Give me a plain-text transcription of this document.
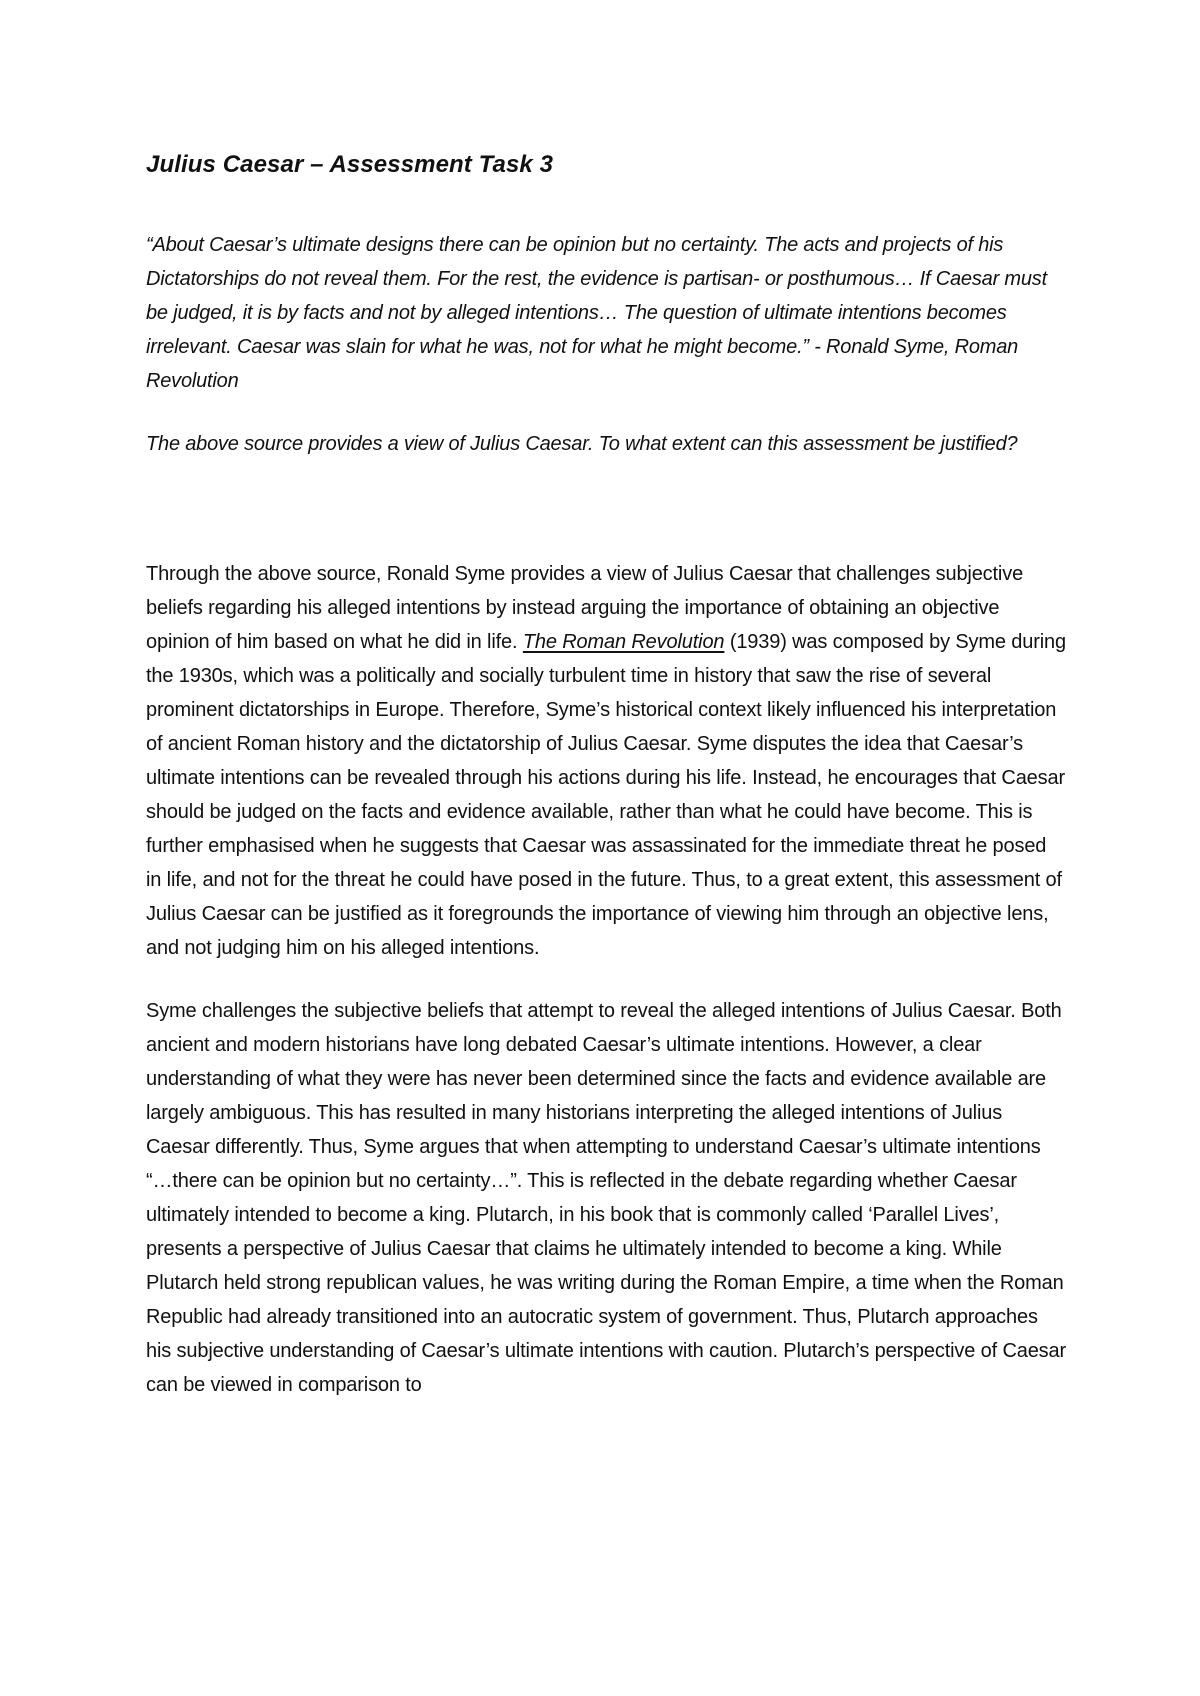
Julius Caesar – Assessment Task 3

“About Caesar’s ultimate designs there can be opinion but no certainty. The acts and projects of his Dictatorships do not reveal them. For the rest, the evidence is partisan- or posthumous… If Caesar must be judged, it is by facts and not by alleged intentions… The question of ultimate intentions becomes irrelevant. Caesar was slain for what he was, not for what he might become.” - Ronald Syme, Roman Revolution

The above source provides a view of Julius Caesar. To what extent can this assessment be justified?

Through the above source, Ronald Syme provides a view of Julius Caesar that challenges subjective beliefs regarding his alleged intentions by instead arguing the importance of obtaining an objective opinion of him based on what he did in life. The Roman Revolution (1939) was composed by Syme during the 1930s, which was a politically and socially turbulent time in history that saw the rise of several prominent dictatorships in Europe. Therefore, Syme’s historical context likely influenced his interpretation of ancient Roman history and the dictatorship of Julius Caesar. Syme disputes the idea that Caesar’s ultimate intentions can be revealed through his actions during his life. Instead, he encourages that Caesar should be judged on the facts and evidence available, rather than what he could have become. This is further emphasised when he suggests that Caesar was assassinated for the immediate threat he posed in life, and not for the threat he could have posed in the future. Thus, to a great extent, this assessment of Julius Caesar can be justified as it foregrounds the importance of viewing him through an objective lens, and not judging him on his alleged intentions.

Syme challenges the subjective beliefs that attempt to reveal the alleged intentions of Julius Caesar. Both ancient and modern historians have long debated Caesar’s ultimate intentions. However, a clear understanding of what they were has never been determined since the facts and evidence available are largely ambiguous. This has resulted in many historians interpreting the alleged intentions of Julius Caesar differently. Thus, Syme argues that when attempting to understand Caesar’s ultimate intentions “…there can be opinion but no certainty…”. This is reflected in the debate regarding whether Caesar ultimately intended to become a king. Plutarch, in his book that is commonly called ‘Parallel Lives’, presents a perspective of Julius Caesar that claims he ultimately intended to become a king. While Plutarch held strong republican values, he was writing during the Roman Empire, a time when the Roman Republic had already transitioned into an autocratic system of government. Thus, Plutarch approaches his subjective understanding of Caesar’s ultimate intentions with caution. Plutarch’s perspective of Caesar can be viewed in comparison to
